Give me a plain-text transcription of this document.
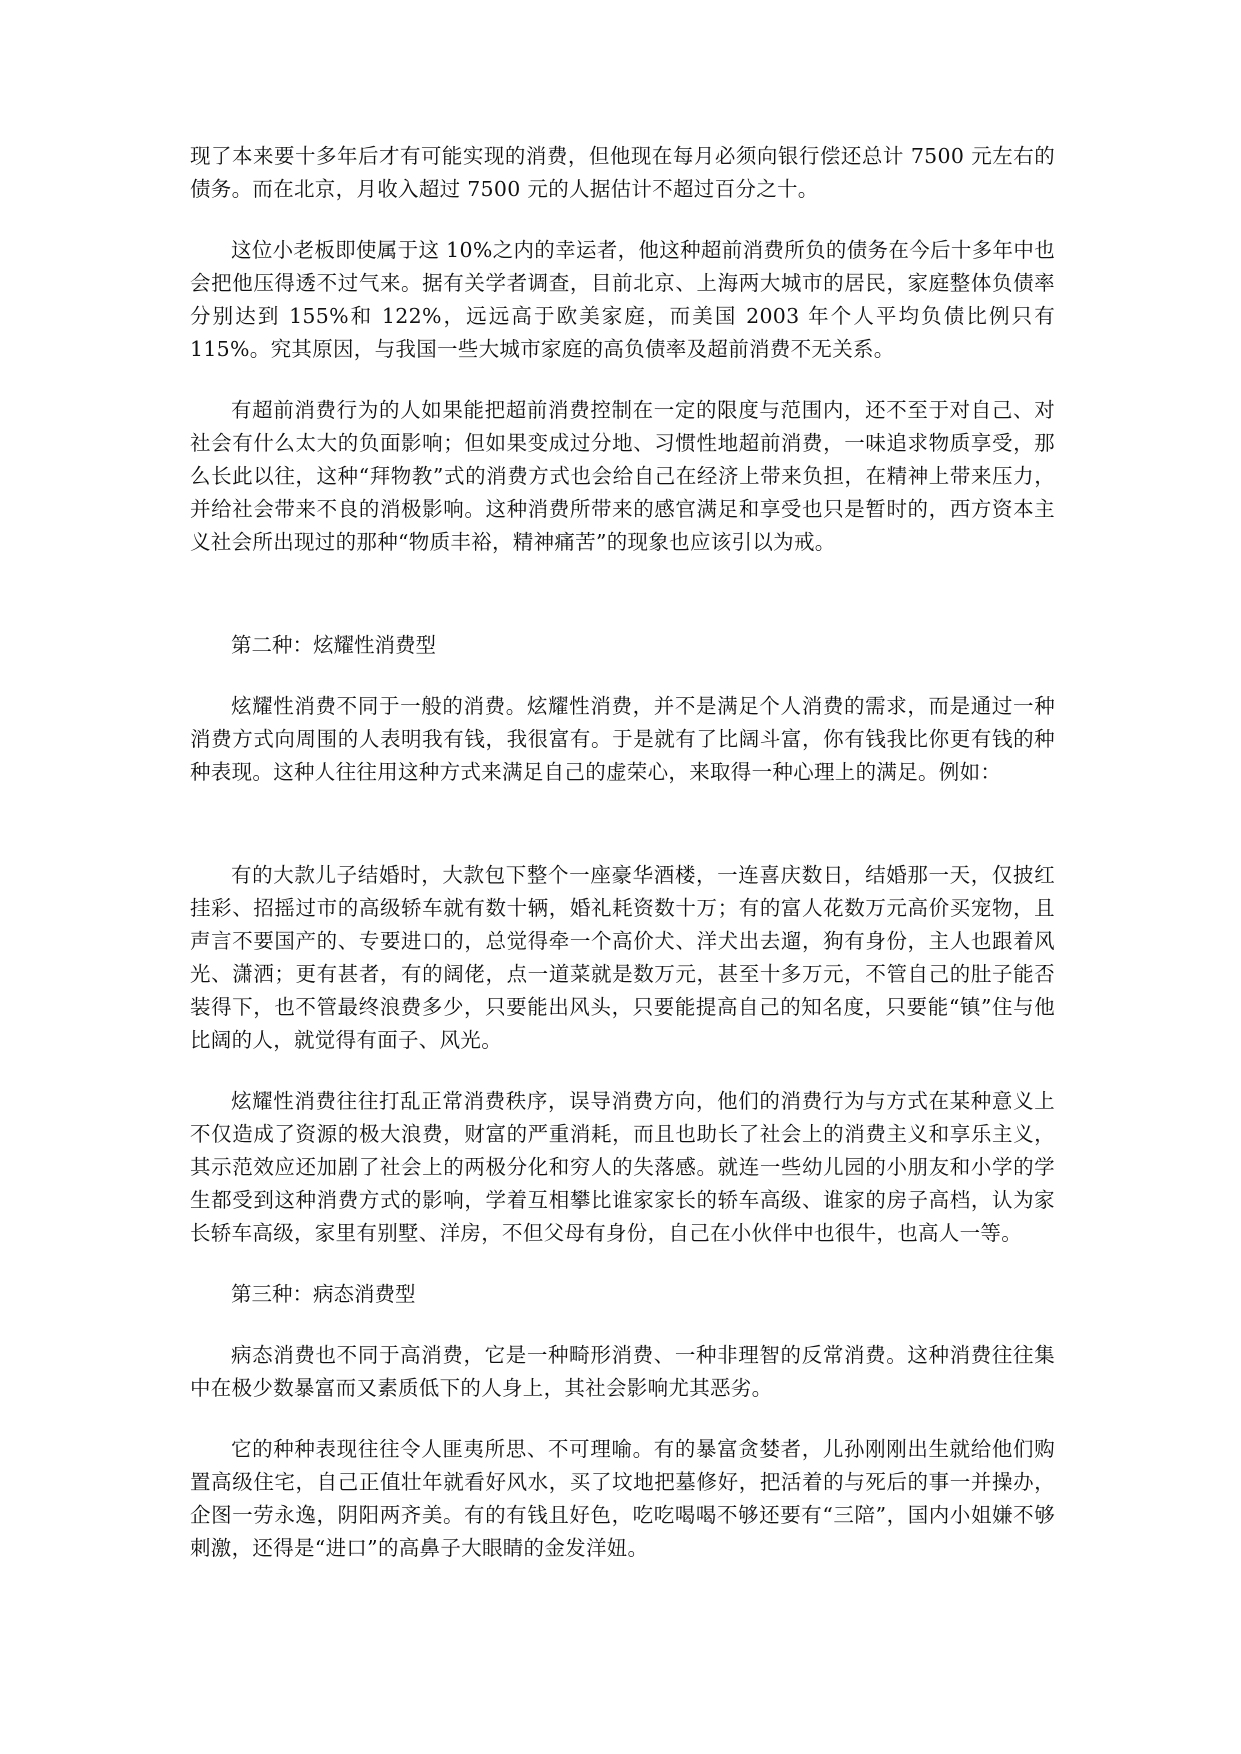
现了本来要十多年后才有可能实现的消费，但他现在每月必须向银行偿还总计 7500 元左右的债务。而在北京，月收入超过 7500 元的人据估计不超过百分之十。

这位小老板即使属于这 10%之内的幸运者，他这种超前消费所负的债务在今后十多年中也会把他压得透不过气来。据有关学者调查，目前北京、上海两大城市的居民，家庭整体负债率分别达到 155%和 122%，远远高于欧美家庭，而美国 2003 年个人平均负债比例只有 115%。究其原因，与我国一些大城市家庭的高负债率及超前消费不无关系。

有超前消费行为的人如果能把超前消费控制在一定的限度与范围内，还不至于对自己、对社会有什么太大的负面影响；但如果变成过分地、习惯性地超前消费，一味追求物质享受，那么长此以往，这种“拜物教”式的消费方式也会给自己在经济上带来负担，在精神上带来压力，并给社会带来不良的消极影响。这种消费所带来的感官满足和享受也只是暂时的，西方资本主义社会所出现过的那种“物质丰裕，精神痛苦”的现象也应该引以为戒。

第二种：炫耀性消费型

炫耀性消费不同于一般的消费。炫耀性消费，并不是满足个人消费的需求，而是通过一种消费方式向周围的人表明我有钱，我很富有。于是就有了比阔斗富，你有钱我比你更有钱的种种表现。这种人往往用这种方式来满足自己的虚荣心，来取得一种心理上的满足。例如：

有的大款儿子结婚时，大款包下整个一座豪华酒楼，一连喜庆数日，结婚那一天，仅披红挂彩、招摇过市的高级轿车就有数十辆，婚礼耗资数十万；有的富人花数万元高价买宠物，且声言不要国产的、专要进口的，总觉得牵一个高价犬、洋犬出去遛，狗有身份，主人也跟着风光、潇洒；更有甚者，有的阔佬，点一道菜就是数万元，甚至十多万元，不管自己的肚子能否装得下，也不管最终浪费多少，只要能出风头，只要能提高自己的知名度，只要能“镇”住与他比阔的人，就觉得有面子、风光。

炫耀性消费往往打乱正常消费秩序，误导消费方向，他们的消费行为与方式在某种意义上不仅造成了资源的极大浪费，财富的严重消耗，而且也助长了社会上的消费主义和享乐主义，其示范效应还加剧了社会上的两极分化和穷人的失落感。就连一些幼儿园的小朋友和小学的学生都受到这种消费方式的影响，学着互相攀比谁家家长的轿车高级、谁家的房子高档，认为家长轿车高级，家里有别墅、洋房，不但父母有身份，自己在小伙伴中也很牛，也高人一等。

第三种：病态消费型

病态消费也不同于高消费，它是一种畸形消费、一种非理智的反常消费。这种消费往往集中在极少数暴富而又素质低下的人身上，其社会影响尤其恶劣。

它的种种表现往往令人匪夷所思、不可理喻。有的暴富贪婪者，儿孙刚刚出生就给他们购置高级住宅，自己正值壮年就看好风水，买了坟地把墓修好，把活着的与死后的事一并操办，企图一劳永逸，阴阳两齐美。有的有钱且好色，吃吃喝喝不够还要有“三陪”，国内小姐嫌不够刺激，还得是“进口”的高鼻子大眼睛的金发洋妞。
